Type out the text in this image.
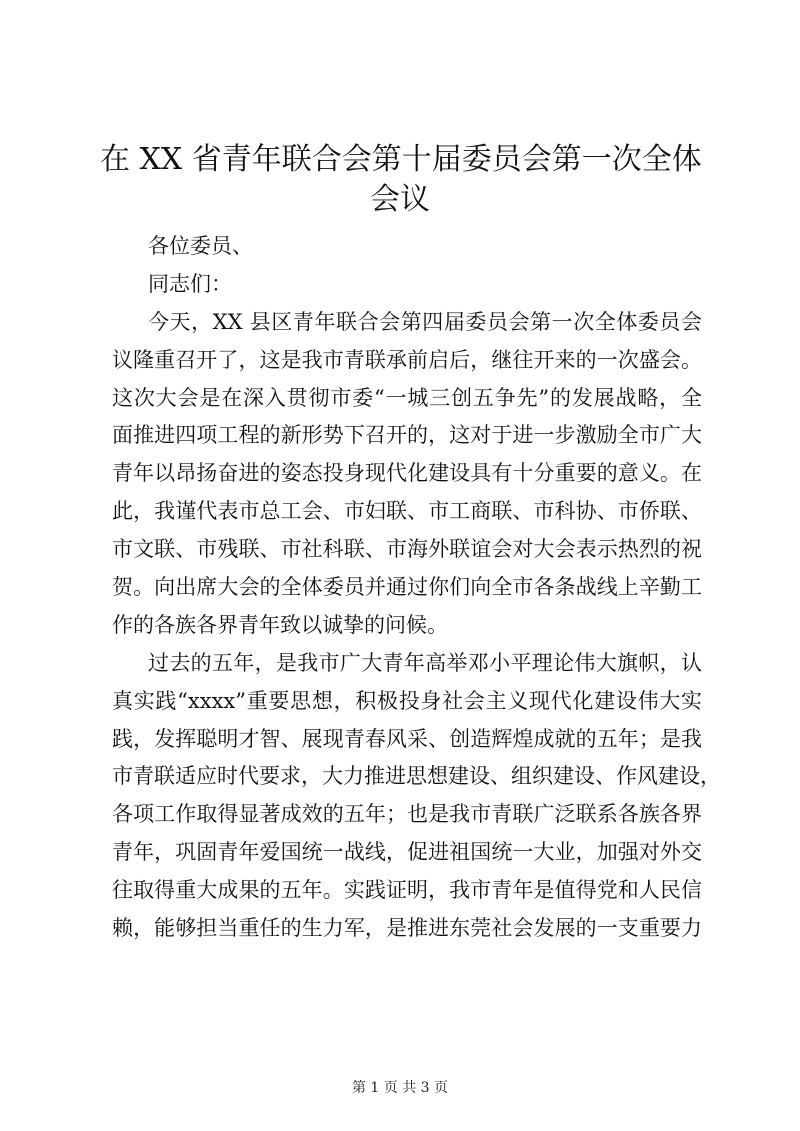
在 XX 省青年联合会第十届委员会第一次全体
会议
各位委员、
同志们：
今天，XX 县区青年联合会第四届委员会第一次全体委员会
议隆重召开了，这是我市青联承前启后，继往开来的一次盛会。
这次大会是在深入贯彻市委“一城三创五争先”的发展战略，全
面推进四项工程的新形势下召开的，这对于进一步激励全市广大
青年以昂扬奋进的姿态投身现代化建设具有十分重要的意义。在
此，我谨代表市总工会、市妇联、市工商联、市科协、市侨联、
市文联、市残联、市社科联、市海外联谊会对大会表示热烈的祝
贺。向出席大会的全体委员并通过你们向全市各条战线上辛勤工
作的各族各界青年致以诚挚的问候。
过去的五年，是我市广大青年高举邓小平理论伟大旗帜，认
真实践“xxxx”重要思想，积极投身社会主义现代化建设伟大实
践，发挥聪明才智、展现青春风采、创造辉煌成就的五年；是我
市青联适应时代要求，大力推进思想建设、组织建设、作风建设，
各项工作取得显著成效的五年；也是我市青联广泛联系各族各界
青年，巩固青年爱国统一战线，促进祖国统一大业，加强对外交
往取得重大成果的五年。实践证明，我市青年是值得党和人民信
赖，能够担当重任的生力军，是推进东莞社会发展的一支重要力
第 1 页 共 3 页
